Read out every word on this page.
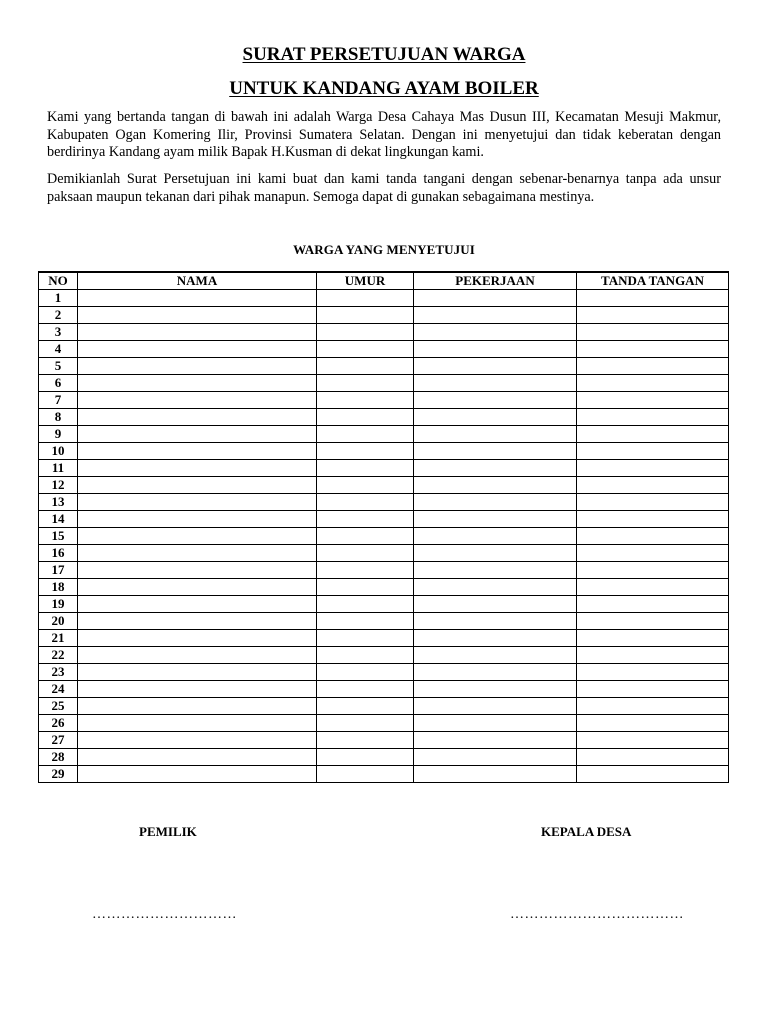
SURAT PERSETUJUAN WARGA
UNTUK KANDANG AYAM BOILER

Kami yang bertanda tangan di bawah ini adalah Warga Desa Cahaya Mas Dusun III, Kecamatan Mesuji Makmur, Kabupaten Ogan Komering Ilir, Provinsi Sumatera Selatan. Dengan ini menyetujui dan tidak keberatan dengan berdirinya Kandang ayam milik Bapak H.Kusman di dekat lingkungan kami.

Demikianlah Surat Persetujuan ini kami buat dan kami tanda tangani dengan sebenar-benarnya tanpa ada unsur paksaan maupun tekanan dari pihak manapun. Semoga dapat di gunakan sebagaimana mestinya.

WARGA YANG MENYETUJUI
NO	NAMA	UMUR	PEKERJAAN	TANDA TANGAN
1				
2				
3				
4				
5				
6				
7				
8				
9				
10				
11				
12				
13				
14				
15				
16				
17				
18				
19				
20				
21				
22				
23				
24				
25				
26				
27				
28				
29				
PEMILIK	KEPALA DESA
…………………………	………………………………
